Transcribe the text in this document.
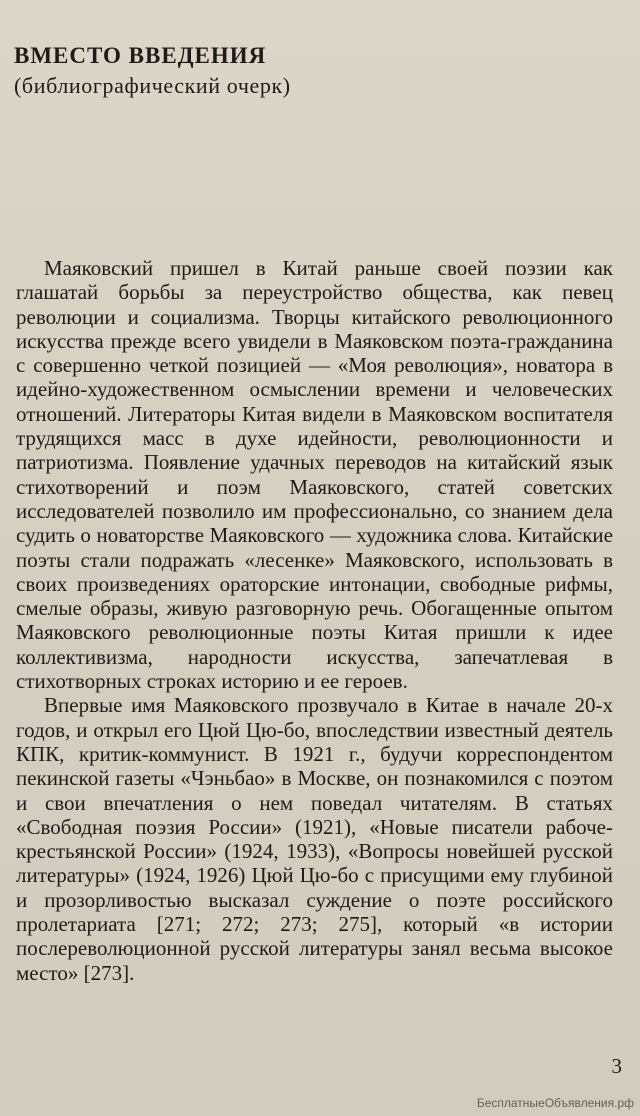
ВМЕСТО ВВЕДЕНИЯ

(библиографический очерк)

Маяковский пришел в Китай раньше своей поэзии как глашатай борьбы за переустройство общества, как певец революции и социализма. Творцы китайского революционного искусства прежде всего увидели в Маяковском поэта-гражданина с совершенно четкой позицией — «Моя революция», новатора в идейно-художественном осмыслении времени и человеческих отношений. Литераторы Китая видели в Маяковском воспитателя трудящихся масс в духе идейности, революционности и патриотизма. Появление удачных переводов на китайский язык стихотворений и поэм Маяковского, статей советских исследователей позволило им профессионально, со знанием дела судить о новаторстве Маяковского — художника слова. Китайские поэты стали подражать «лесенке» Маяковского, использовать в своих произведениях ораторские интонации, свободные рифмы, смелые образы, живую разговорную речь. Обогащенные опытом Маяковского революционные поэты Китая пришли к идее коллективизма, народности искусства, запечатлевая в стихотворных строках историю и ее героев.

Впервые имя Маяковского прозвучало в Китае в начале 20-х годов, и открыл его Цюй Цю-бо, впоследствии известный деятель КПК, критик-коммунист. В 1921 г., будучи корреспондентом пекинской газеты «Чэньбао» в Москве, он познакомился с поэтом и свои впечатления о нем поведал читателям. В статьях «Свободная поэзия России» (1921), «Новые писатели рабоче-крестьянской России» (1924, 1933), «Вопросы новейшей русской литературы» (1924, 1926) Цюй Цю-бо с присущими ему глубиной и прозорливостью высказал суждение о поэте российского пролетариата [271; 272; 273; 275], который «в истории послереволюционной русской литературы занял весьма высокое место» [273].

3
БесплатныеОбъявления.рф
